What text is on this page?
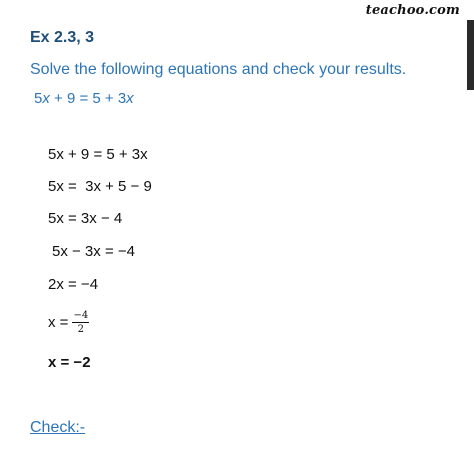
teachoo.com
Ex 2.3, 3
Solve the following equations and check your results.
5x + 9 = 5 + 3x
5x + 9 = 5 + 3x
5x =  3x + 5 − 9
5x = 3x − 4
5x − 3x = −4
2x = −4
$x = \frac{-4}{2}$
x = −2
Check:-
